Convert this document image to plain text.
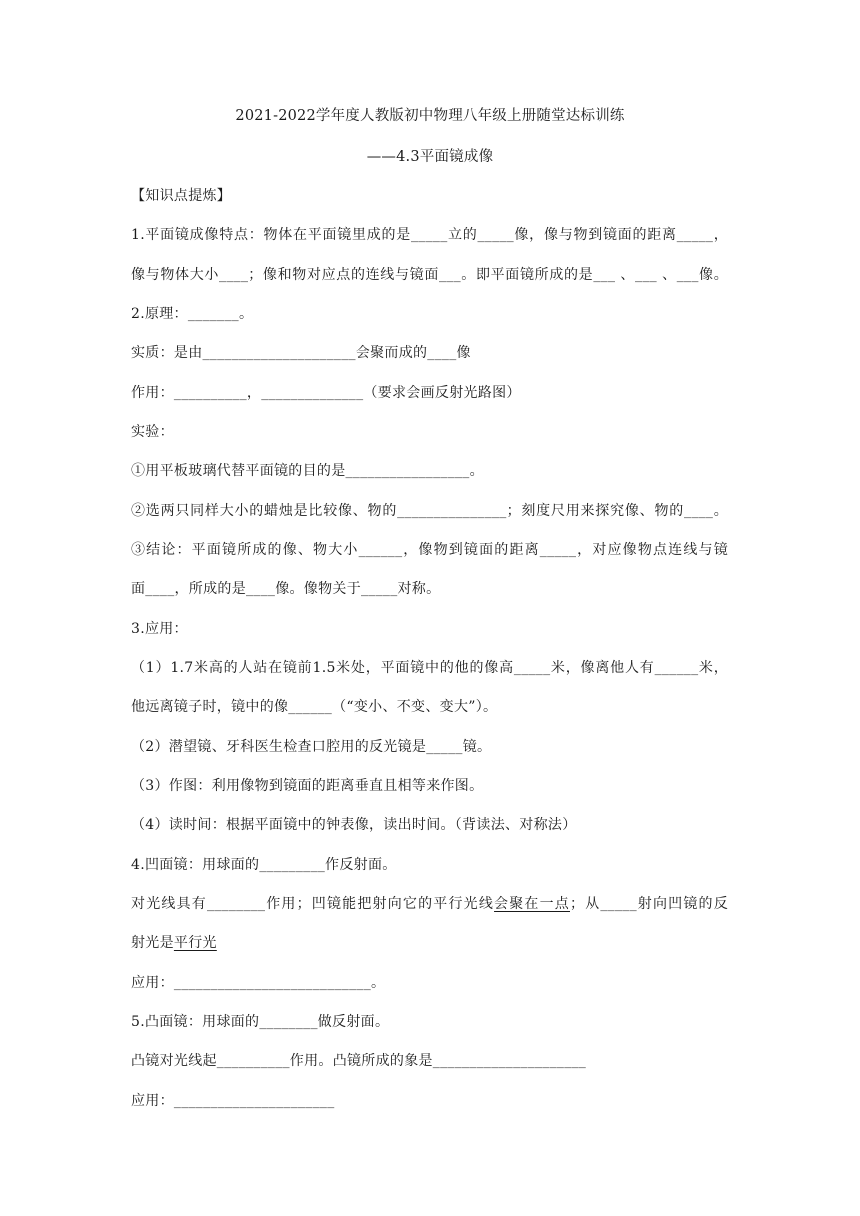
2021-2022学年度人教版初中物理八年级上册随堂达标训练
——4.3平面镜成像
【知识点提炼】
1.平面镜成像特点：物体在平面镜里成的是_____立的_____像，像与物到镜面的距离_____，
像与物体大小____；像和物对应点的连线与镜面___。即平面镜所成的是___ 、___ 、___像。
2.原理：_______。
实质：是由_____________________会聚而成的____像
作用：__________，______________（要求会画反射光路图）
实验：
①用平板玻璃代替平面镜的目的是_________________。
②选两只同样大小的蜡烛是比较像、物的_______________；刻度尺用来探究像、物的____。
③结论：平面镜所成的像、物大小______，像物到镜面的距离_____，对应像物点连线与镜
面____，所成的是____像。像物关于_____对称。
3.应用：
（1）1.7米高的人站在镜前1.5米处，平面镜中的他的像高_____米，像离他人有______米，
他远离镜子时，镜中的像______（“变小、不变、变大”）。
（2）潜望镜、牙科医生检查口腔用的反光镜是_____镜。
（3）作图：利用像物到镜面的距离垂直且相等来作图。
（4）读时间：根据平面镜中的钟表像，读出时间。（背读法、对称法）
4.凹面镜：用球面的_________作反射面。
对光线具有________作用；凹镜能把射向它的平行光线会聚在一点；从_____射向凹镜的反
射光是平行光
应用：___________________________。
5.凸面镜：用球面的________做反射面。
凸镜对光线起__________作用。凸镜所成的象是_____________________
应用：______________________
